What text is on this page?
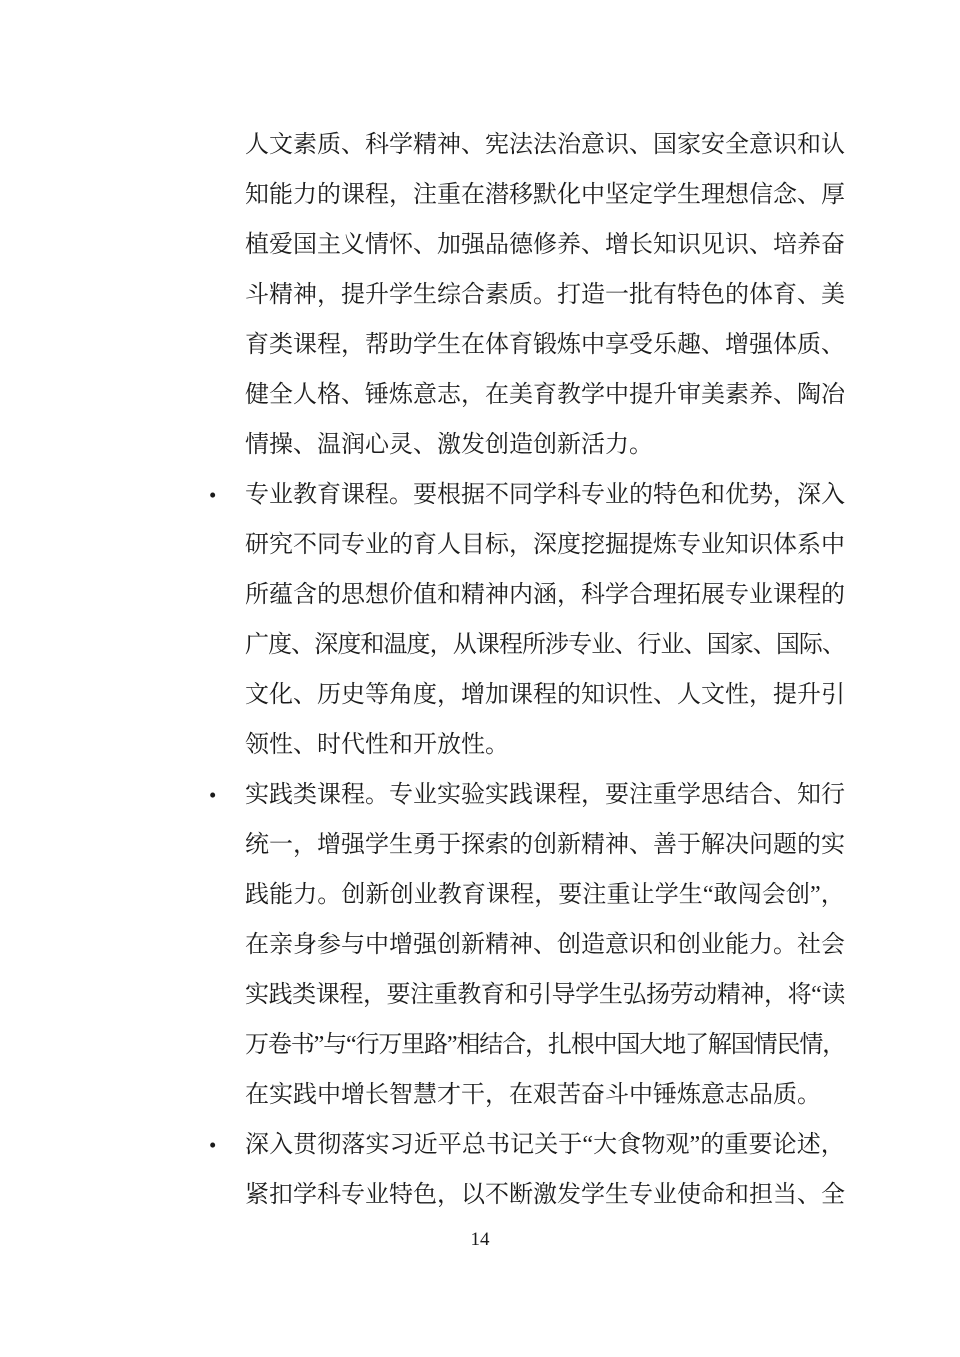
人文素质、科学精神、宪法法治意识、国家安全意识和认
知能力的课程，注重在潜移默化中坚定学生理想信念、厚
植爱国主义情怀、加强品德修养、增长知识见识、培养奋
斗精神，提升学生综合素质。打造一批有特色的体育、美
育类课程，帮助学生在体育锻炼中享受乐趣、增强体质、
健全人格、锤炼意志，在美育教学中提升审美素养、陶冶
情操、温润心灵、激发创造创新活力。
•	专业教育课程。要根据不同学科专业的特色和优势，深入
研究不同专业的育人目标，深度挖掘提炼专业知识体系中
所蕴含的思想价值和精神内涵，科学合理拓展专业课程的
广度、深度和温度，从课程所涉专业、行业、国家、国际、
文化、历史等角度，增加课程的知识性、人文性，提升引
领性、时代性和开放性。
•	实践类课程。专业实验实践课程，要注重学思结合、知行
统一，增强学生勇于探索的创新精神、善于解决问题的实
践能力。创新创业教育课程，要注重让学生“敢闯会创”，
在亲身参与中增强创新精神、创造意识和创业能力。社会
实践类课程，要注重教育和引导学生弘扬劳动精神，将“读
万卷书”与“行万里路”相结合，扎根中国大地了解国情民情，
在实践中增长智慧才干，在艰苦奋斗中锤炼意志品质。
•	深入贯彻落实习近平总书记关于“大食物观”的重要论述，
紧扣学科专业特色，以不断激发学生专业使命和担当、全
14
